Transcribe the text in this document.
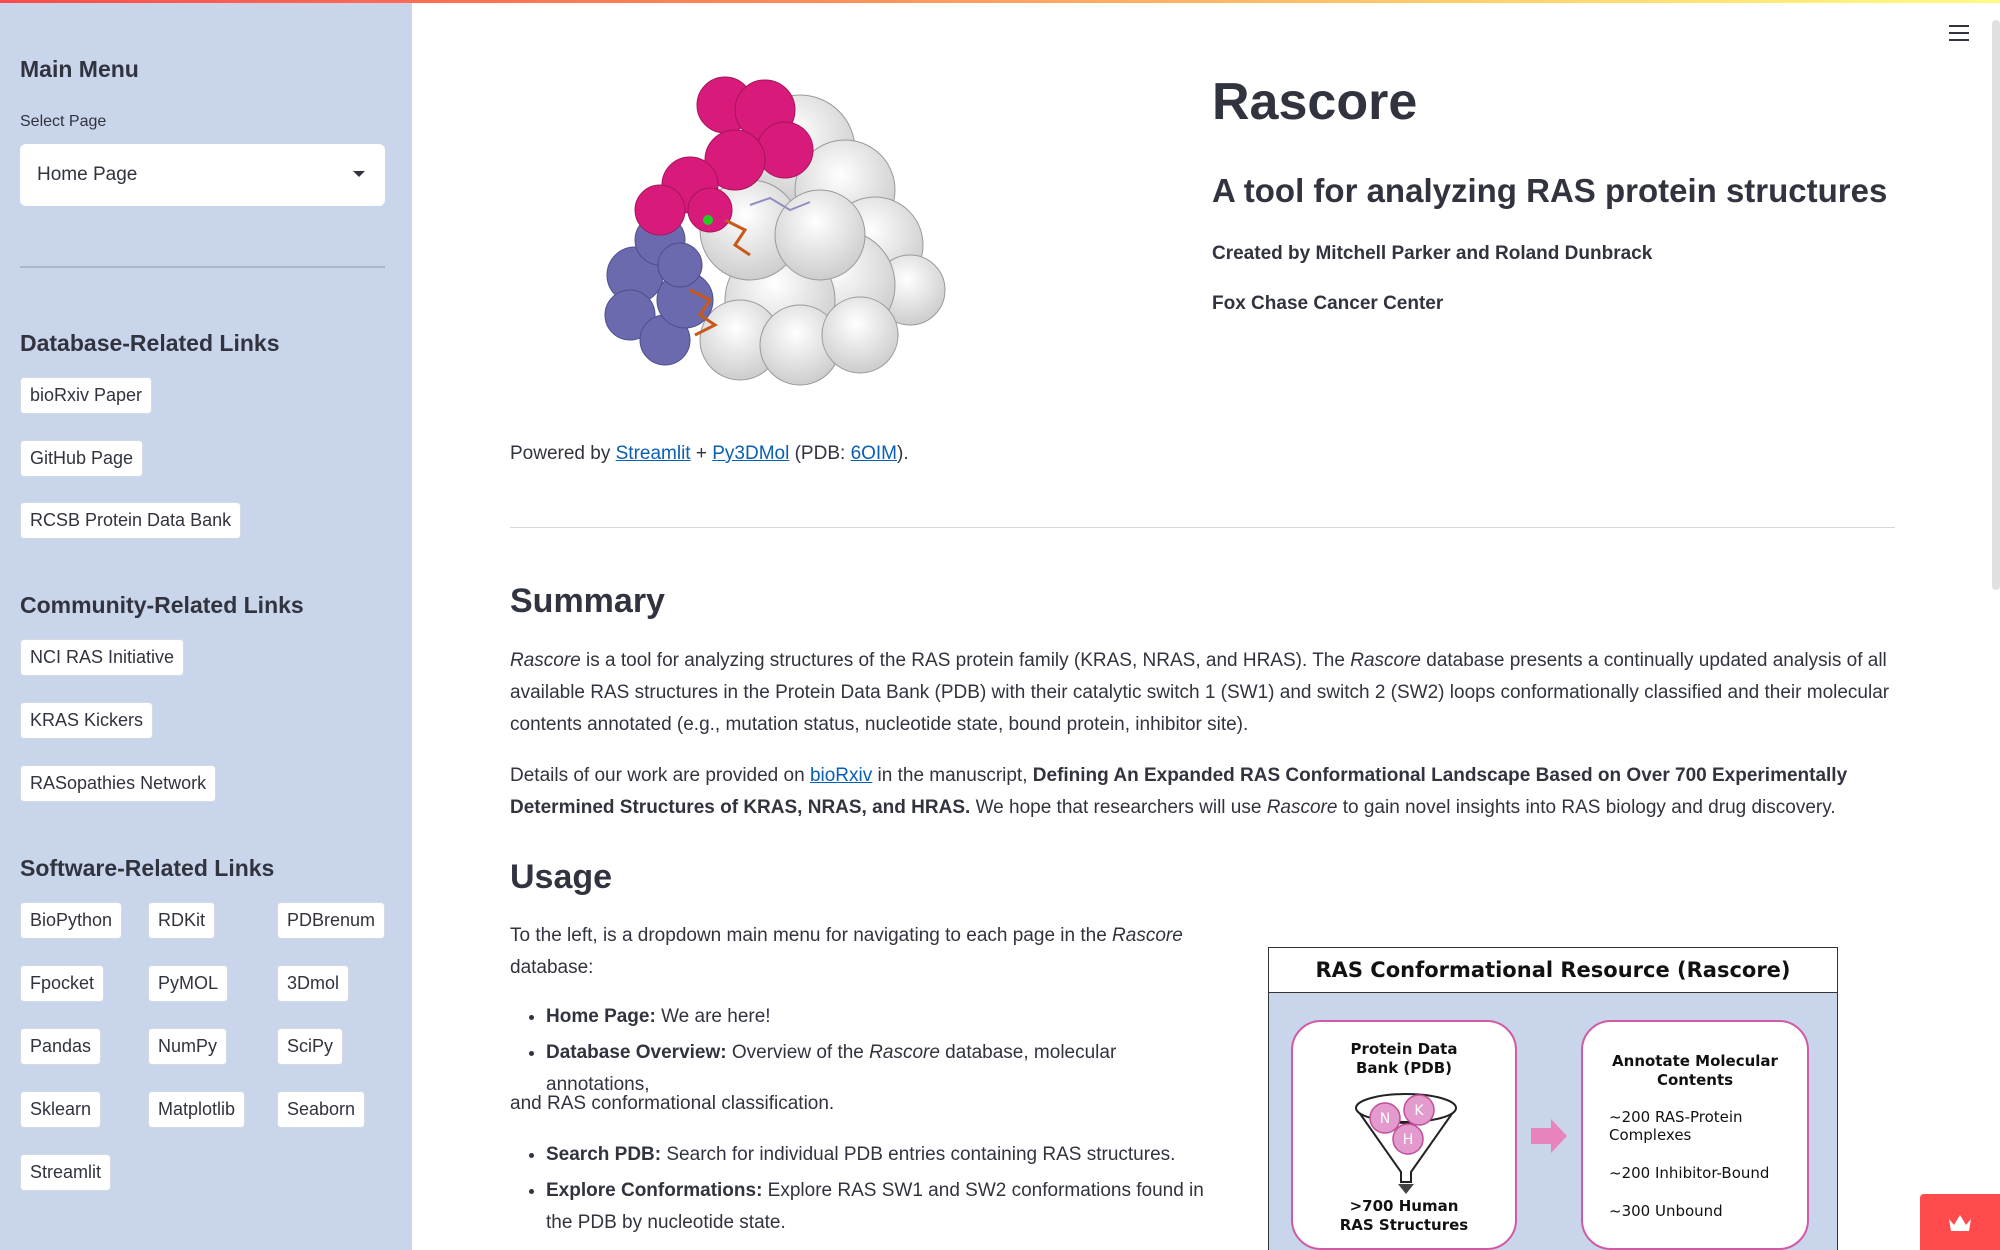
Main Menu
Select Page
Home Page
Database-Related Links
bioRxiv Paper
GitHub Page
RCSB Protein Data Bank
Community-Related Links
NCI RAS Initiative
KRAS Kickers
RASopathies Network
Software-Related Links
BioPython	RDKit	PDBrenum
Fpocket	PyMOL	3Dmol
Pandas	NumPy	SciPy
Sklearn	Matplotlib	Seaborn
Streamlit
Rascore
A tool for analyzing RAS protein structures
Created by Mitchell Parker and Roland Dunbrack
Fox Chase Cancer Center
Powered by Streamlit + Py3DMol (PDB: 6OIM).
Summary

Rascore is a tool for analyzing structures of the RAS protein family (KRAS, NRAS, and HRAS). The Rascore database presents a continually updated analysis of all available RAS structures in the Protein Data Bank (PDB) with their catalytic switch 1 (SW1) and switch 2 (SW2) loops conformationally classified and their molecular contents annotated (e.g., mutation status, nucleotide state, bound protein, inhibitor site).

Details of our work are provided on bioRxiv in the manuscript, Defining An Expanded RAS Conformational Landscape Based on Over 700 Experimentally Determined Structures of KRAS, NRAS, and HRAS. We hope that researchers will use Rascore to gain novel insights into RAS biology and drug discovery.

Usage
To the left, is a dropdown main menu for navigating to each page in the Rascore database:
• Home Page: We are here!
• Database Overview: Overview of the Rascore database, molecular annotations,
and RAS conformational classification.
• Search PDB: Search for individual PDB entries containing RAS structures.
• Explore Conformations: Explore RAS SW1 and SW2 conformations found in the PDB by nucleotide state.
RAS Conformational Resource (Rascore)
Protein Data Bank (PDB)
N K
H
>700 Human
RAS Structures
Annotate Molecular
Contents
~200 RAS-Protein Complexes
~200 Inhibitor-Bound
~300 Unbound
